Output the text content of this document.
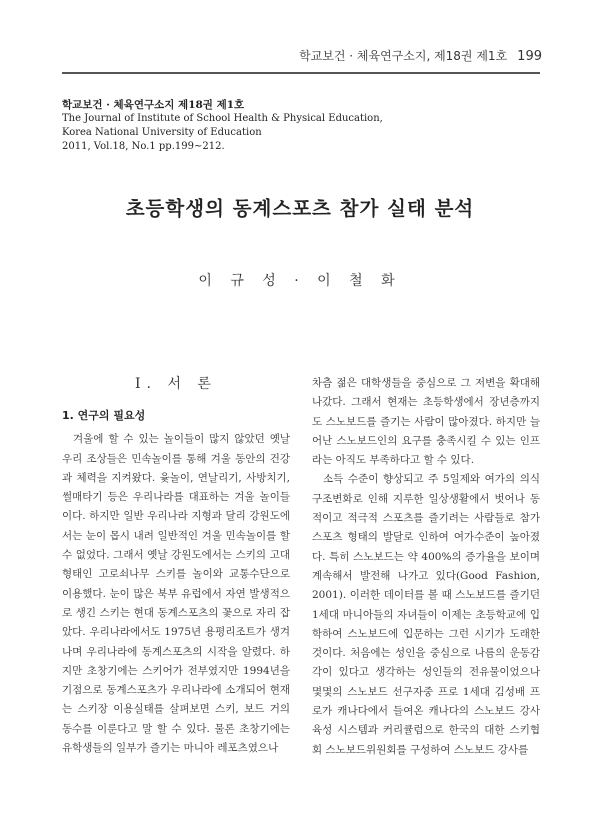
학교보건 · 체육연구소지, 제18권 제1호 199
학교보건 · 체육연구소지 제18권 제1호
The Journal of Institute of School Health & Physical Education,
Korea National University of Education
2011, Vol.18, No.1 pp.199~212.
초등학생의 동계스포츠 참가 실태 분석
이 규 성 · 이 철 화
Ⅰ. 서 론
1. 연구의 필요성

겨울에 할 수 있는 놀이들이 많지 않았던 옛날 우리 조상들은 민속놀이를 통해 겨울 동안의 건강과 체력을 지켜왔다. 윷놀이, 연날리기, 사방치기, 썰매타기 등은 우리나라를 대표하는 겨울 놀이들이다. 하지만 일반 우리나라 지형과 달리 강원도에서는 눈이 몹시 내려 일반적인 겨울 민속놀이를 할 수 없었다. 그래서 옛날 강원도에서는 스키의 고대형태인 고로쇠나무 스키를 놀이와 교통수단으로 이용했다. 눈이 많은 북부 유럽에서 자연 발생적으로 생긴 스키는 현대 동계스포츠의 꽃으로 자리 잡았다. 우리나라에서도 1975년 용평리조트가 생겨나며 우리나라에 동계스포츠의 시작을 알렸다. 하지만 초창기에는 스키어가 전부였지만 1994년을 기점으로 동계스포츠가 우리나라에 소개되어 현재는 스키장 이용실태를 살펴보면 스키, 보드 거의 동수를 이룬다고 말 할 수 있다. 물론 초창기에는 유학생들의 일부가 즐기는 마니아 레포츠였으나

차츰 젊은 대학생들을 중심으로 그 저변을 확대해 나갔다. 그래서 현재는 초등학생에서 장년층까지도 스노보드를 즐기는 사람이 많아졌다. 하지만 늘어난 스노보드인의 요구를 충족시킬 수 있는 인프라는 아직도 부족하다고 할 수 있다.

소득 수준이 향상되고 주 5일제와 여가의 의식 구조변화로 인해 지루한 일상생활에서 벗어나 동적이고 적극적 스포츠를 즐기려는 사람들로 참가 스포츠 형태의 발달로 인하여 여가수준이 높아졌다. 특히 스노보드는 약 400%의 증가율을 보이며 계속해서 발전해 나가고 있다(Good Fashion, 2001). 이러한 데이터를 볼 때 스노보드를 즐기던 1세대 마니아들의 자녀들이 이제는 초등학교에 입학하여 스노보드에 입문하는 그런 시기가 도래한 것이다. 처음에는 성인을 중심으로 나름의 운동감각이 있다고 생각하는 성인들의 전유물이었으나 몇몇의 스노보드 선구자중 프로 1세대 김성배 프로가 캐나다에서 들여온 캐나다의 스노보드 강사 육성 시스템과 커리큘럼으로 한국의 대한 스키협회 스노보드위원회를 구성하여 스노보드 강사를
